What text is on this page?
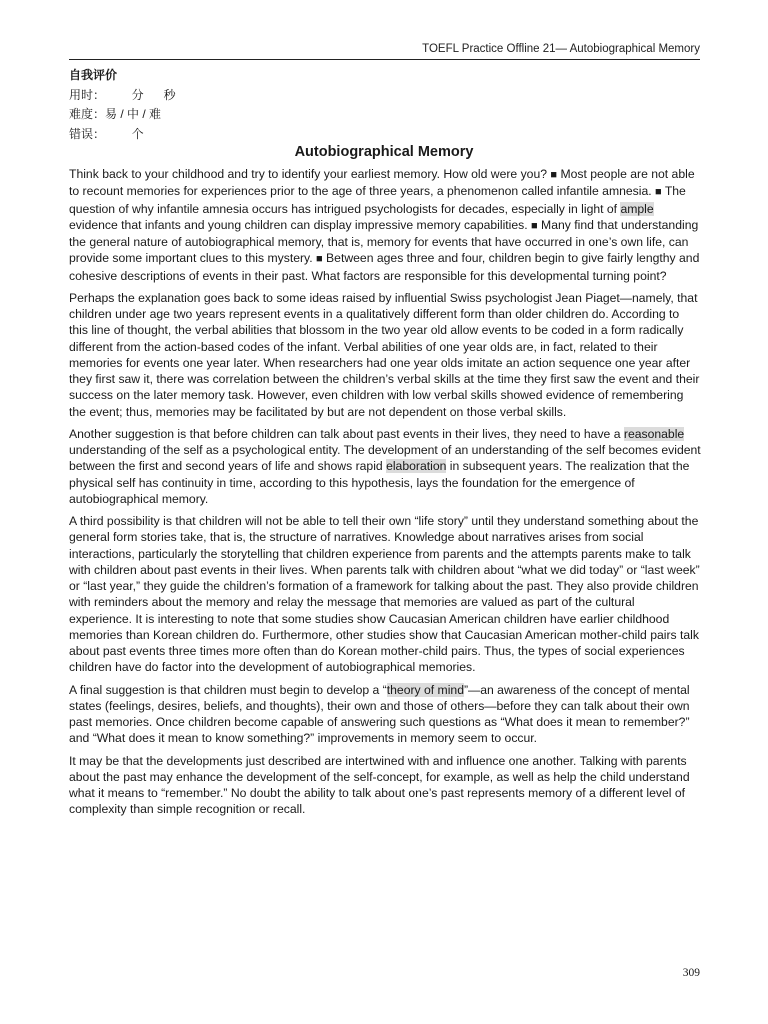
TOEFL Practice Offline 21— Autobiographical Memory
自我评价
用时：        分      秒
难度：易 / 中 / 难
错误：        个
Autobiographical Memory

Think back to your childhood and try to identify your earliest memory. How old were you? ■ Most people are not able to recount memories for experiences prior to the age of three years, a phenomenon called infantile amnesia. ■ The question of why infantile amnesia occurs has intrigued psychologists for decades, especially in light of ample evidence that infants and young children can display impressive memory capabilities. ■ Many find that understanding the general nature of autobiographical memory, that is, memory for events that have occurred in one’s own life, can provide some important clues to this mystery. ■ Between ages three and four, children begin to give fairly lengthy and cohesive descriptions of events in their past. What factors are responsible for this developmental turning point?

Perhaps the explanation goes back to some ideas raised by influential Swiss psychologist Jean Piaget—namely, that children under age two years represent events in a qualitatively different form than older children do. According to this line of thought, the verbal abilities that blossom in the two year old allow events to be coded in a form radically different from the action-based codes of the infant. Verbal abilities of one year olds are, in fact, related to their memories for events one year later. When researchers had one year olds imitate an action sequence one year after they first saw it, there was correlation between the children’s verbal skills at the time they first saw the event and their success on the later memory task. However, even children with low verbal skills showed evidence of remembering the event; thus, memories may be facilitated by but are not dependent on those verbal skills.

Another suggestion is that before children can talk about past events in their lives, they need to have a reasonable understanding of the self as a psychological entity. The development of an understanding of the self becomes evident between the first and second years of life and shows rapid elaboration in subsequent years. The realization that the physical self has continuity in time, according to this hypothesis, lays the foundation for the emergence of autobiographical memory.

A third possibility is that children will not be able to tell their own “life story” until they understand something about the general form stories take, that is, the structure of narratives. Knowledge about narratives arises from social interactions, particularly the storytelling that children experience from parents and the attempts parents make to talk with children about past events in their lives. When parents talk with children about “what we did today” or “last week” or “last year,” they guide the children’s formation of a framework for talking about the past. They also provide children with reminders about the memory and relay the message that memories are valued as part of the cultural experience. It is interesting to note that some studies show Caucasian American children have earlier childhood memories than Korean children do. Furthermore, other studies show that Caucasian American mother-child pairs talk about past events three times more often than do Korean mother-child pairs. Thus, the types of social experiences children have do factor into the development of autobiographical memories.

A final suggestion is that children must begin to develop a “theory of mind”—an awareness of the concept of mental states (feelings, desires, beliefs, and thoughts), their own and those of others—before they can talk about their own past memories. Once children become capable of answering such questions as “What does it mean to remember?” and “What does it mean to know something?” improvements in memory seem to occur.

It may be that the developments just described are intertwined with and influence one another. Talking with parents about the past may enhance the development of the self-concept, for example, as well as help the child understand what it means to “remember.” No doubt the ability to talk about one’s past represents memory of a different level of complexity than simple recognition or recall.

309
